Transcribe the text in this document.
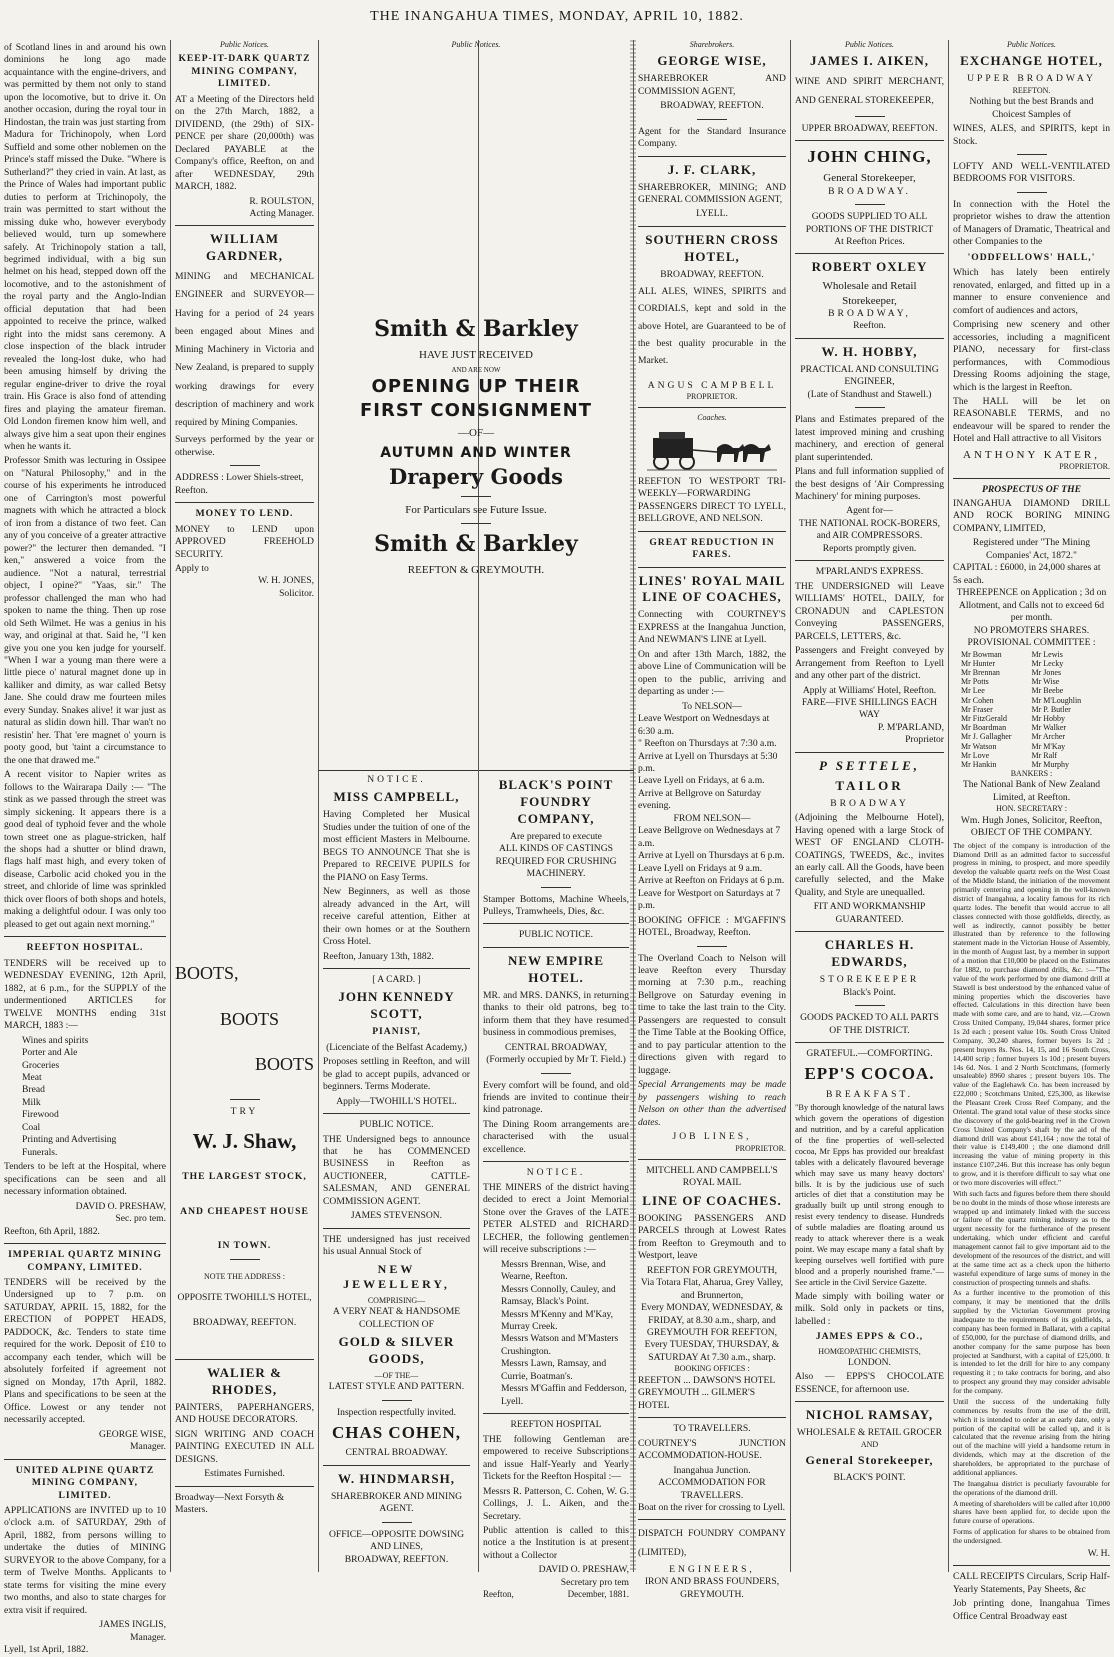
THE INANGAHUA TIMES, MONDAY, APRIL 10, 1882.

of Scotland lines in and around his own dominions he long ago made acquaintance with the engine-drivers, and was permitted by them not only to stand upon the locomotive, but to drive it. On another occasion, during the royal tour in Hindostan, the train was just starting from Madura for Trichinopoly, when Lord Suffield and some other noblemen on the Prince's staff missed the Duke. "Where is Sutherland?" they cried in vain. At last, as the Prince of Wales had important public duties to perform at Trichinopoly, the train was permitted to start without the missing duke who, however everybody believed would, turn up somewhere safely. At Trichinopoly station a tall, begrimed individual, with a big sun helmet on his head, stepped down off the locomotive, and to the astonishment of the royal party and the Anglo-Indian official deputation that had been appointed to receive the prince, walked right into the midst sans ceremony. A close inspection of the black intruder revealed the long-lost duke, who had been amusing himself by driving the regular engine-driver to drive the royal train. His Grace is also fond of attending fires and playing the amateur fireman. Old London firemen know him well, and always give him a seat upon their engines when he wants it.

Professor Smith was lecturing in Ossipee on "Natural Philosophy," and in the course of his experiments he introduced one of Carrington's most powerful magnets with which he attracted a block of iron from a distance of two feet. Can any of you conceive of a greater attractive power?" the lecturer then demanded. "I ken," answered a voice from the audience. "Not a natural, terrestrial object, I opine?" "Yaas, sir." The professor challenged the man who had spoken to name the thing. Then up rose old Seth Wilmet. He was a genius in his way, and original at that. Said he, "I ken give you one you ken judge for yourself. "When I war a young man there were a little piece o' natural magnet done up in kalliker and dimity, as war called Betsy Jane. She could draw me fourteen miles every Sunday. Snakes alive! it war just as natural as slidin down hill. Thar wan't no resistin' her. That 'ere magnet o' yourn is pooty good, but 'taint a circumstance to the one that drawed me."

A recent visitor to Napier writes as follows to the Wairarapa Daily :— "The stink as we passed through the street was simply sickening. It appears there is a good deal of typhoid fever and the whole town street one as plague-stricken, half the shops had a shutter or blind drawn, flags half mast high, and every token of disease, Carbolic acid choked you in the street, and chloride of lime was sprinkled thick over floors of both shops and hotels, making a delightful odour. I was only too pleased to get out again next morning."

REEFTON HOSPITAL.

TENDERS will be received up to WEDNESDAY EVENING, 12th April, 1882, at 6 p.m., for the SUPPLY of the undermentioned ARTICLES for TWELVE MONTHS ending 31st MARCH, 1883 :—

Wines and spirits
Porter and Ale
Groceries
Meat
Bread
Milk
Firewood
Coal
Printing and Advertising
Funerals.

Tenders to be left at the Hospital, where specifications can be seen and all necessary information obtained.

DAVID O. PRESHAW,
Sec. pro tem.
Reefton, 6th April, 1882.
IMPERIAL QUARTZ MINING COMPANY, LIMITED.

TENDERS will be received by the Undersigned up to 7 p.m. on SATURDAY, APRIL 15, 1882, for the ERECTION of POPPET HEADS, PADDOCK, &c. Tenders to state time required for the work. Deposit of £10 to accompany each tender, which will be absolutely forfeited if agreement not signed on Monday, 17th April, 1882. Plans and specifications to be seen at the Office. Lowest or any tender not necessarily accepted.

GEORGE WISE,
Manager.
UNITED ALPINE QUARTZ MINING COMPANY, LIMITED.

APPLICATIONS are INVITED up to 10 o'clock a.m. of SATURDAY, 29th of April, 1882, from persons willing to undertake the duties of MINING SURVEYOR to the above Company, for a term of Twelve Months. Applicants to state terms for visiting the mine every two months, and also to state charges for extra visit if required.

JAMES INGLIS,
Manager.
Lyell, 1st April, 1882.
Public Notices.
KEEP-IT-DARK QUARTZ MINING COMPANY, LIMITED.

AT a Meeting of the Directors held on the 27th March, 1882, a DIVIDEND, (the 29th) of SIX-PENCE per share (20,000th) was Declared PAYABLE at the Company's office, Reefton, on and after WEDNESDAY, 29th MARCH, 1882.

R. ROULSTON,
Acting Manager.
WILLIAM GARDNER,

MINING and MECHANICAL ENGINEER and SURVEYOR—Having for a period of 24 years been engaged about Mines and Mining Machinery in Victoria and New Zealand, is prepared to supply working drawings for every description of machinery and work required by Mining Companies.

Surveys performed by the year or otherwise.

ADDRESS : Lower Shiels-street, Reefton.
MONEY TO LEND.

MONEY to LEND upon APPROVED FREEHOLD SECURITY.

Apply to
W. H. JONES,
Solicitor.
BOOTS,
BOOTS
BOOTS
TRY
W. J. Shaw,
THE LARGEST STOCK,
AND CHEAPEST HOUSE
IN TOWN.
NOTE THE ADDRESS :
OPPOSITE TWOHILL'S HOTEL,
BROADWAY, REEFTON.
WALIER & RHODES,

PAINTERS, PAPERHANGERS, AND HOUSE DECORATORS.

SIGN WRITING AND COACH PAINTING EXECUTED IN ALL DESIGNS.

Estimates Furnished.
Broadway—Next Forsyth & Masters.
Public Notices.
Smith & Barkley
HAVE JUST RECEIVED
AND ARE NOW
OPENING UP THEIR
FIRST CONSIGNMENT
—OF—
AUTUMN AND WINTER
Drapery Goods
For Particulars see Future Issue.
Smith & Barkley
REEFTON & GREYMOUTH.
NOTICE.
MISS CAMPBELL,

Having Completed her Musical Studies under the tuition of one of the most efficient Masters in Melbourne. BEGS TO ANNOUNCE That she is Prepared to RECEIVE PUPILS for the PIANO on Easy Terms.

New Beginners, as well as those already advanced in the Art, will receive careful attention, Either at their own homes or at the Southern Cross Hotel.

Reefton, January 13th, 1882.
[ A CARD. ]
JOHN KENNEDY SCOTT,
PIANIST,
(Licenciate of the Belfast Academy,)

Proposes settling in Reefton, and will be glad to accept pupils, advanced or beginners. Terms Moderate.

Apply—TWOHILL'S HOTEL.
PUBLIC NOTICE.

THE Undersigned begs to announce that he has COMMENCED BUSINESS in Reefton as AUCTIONEER, CATTLE-SALESMAN, AND GENERAL COMMISSION AGENT.

JAMES STEVENSON.

THE undersigned has just received his usual Annual Stock of

NEW JEWELLERY,
COMPRISING—
A VERY NEAT & HANDSOME COLLECTION OF
GOLD & SILVER GOODS,
—OF THE—
LATEST STYLE AND PATTERN.
Inspection respectfully invited.
CHAS COHEN,
CENTRAL BROADWAY.
W. HINDMARSH,
SHAREBROKER AND MINING AGENT.
OFFICE—OPPOSITE DOWSING AND LINES,
BROADWAY, REEFTON.
BLACK'S POINT FOUNDRY COMPANY,
Are prepared to execute
ALL KINDS OF CASTINGS REQUIRED FOR CRUSHING MACHINERY.

Stamper Bottoms, Machine Wheels, Pulleys, Tramwheels, Dies, &c.

PUBLIC NOTICE.
NEW EMPIRE HOTEL.

MR. and MRS. DANKS, in returning thanks to their old patrons, beg to inform them that they have resumed business in commodious premises,

CENTRAL BROADWAY,
(Formerly occupied by Mr T. Field.)

Every comfort will be found, and old friends are invited to continue their kind patronage.

The Dining Room arrangements are characterised with the usual excellence.

NOTICE.

THE MINERS of the district having decided to erect a Joint Memorial Stone over the Graves of the LATE PETER ALSTED and RICHARD LECHER, the following gentlemen will receive subscriptions :—

Messrs Brennan, Wise, and Wearne, Reefton.
Messrs Connolly, Cauley, and Ramsay, Black's Point.
Messrs M'Kenny and M'Kay, Murray Creek.
Messrs Watson and M'Masters Crushington.
Messrs Lawn, Ramsay, and Currie, Boatman's.
Messrs M'Gaffin and Fedderson, Lyell.
REEFTON HOSPITAL

THE following Gentleman are empowered to receive Subscriptions and issue Half-Yearly and Yearly Tickets for the Reefton Hospital :—

Messrs R. Patterson, C. Cohen, W. G. Collings, J. L. Aiken, and the Secretary.

Public attention is called to this notice a the Institution is at present without a Collector

DAVID O. PRESHAW,
Secretary pro tem
Reefton,	December, 1881.
Sharebrokers.
GEORGE WISE,

SHAREBROKER AND COMMISSION AGENT,

BROADWAY, REEFTON.

Agent for the Standard Insurance Company.

J. F. CLARK,

SHAREBROKER, MINING; AND GENERAL COMMISSION AGENT,

LYELL.
SOUTHERN CROSS HOTEL,
BROADWAY, REEFTON.

ALL ALES, WINES, SPIRITS and CORDIALS, kept and sold in the above Hotel, are Guaranteed to be of the best quality procurable in the Market.

ANGUS CAMPBELL
PROPRIETOR.
Coaches.

REEFTON TO WESTPORT TRI-WEEKLY—FORWARDING PASSENGERS DIRECT TO LYELL, BELLGROVE, AND NELSON.

GREAT REDUCTION IN FARES.
LINES' ROYAL MAIL LINE OF COACHES,

Connecting with COURTNEY'S EXPRESS at the Inangahua Junction, And NEWMAN'S LINE at Lyell.

On and after 13th March, 1882, the above Line of Communication will be open to the public, arriving and departing as under :—

To NELSON—
Leave Westport on Wednesdays at 6:30 a.m.
" Reefton on Thursdays at 7:30 a.m.
Arrive at Lyell on Thursdays at 5:30 p.m.
Leave Lyell on Fridays, at 6 a.m.
Arrive at Bellgrove on Saturday evening.
FROM NELSON—
Leave Bellgrove on Wednesdays at 7 a.m.
Arrive at Lyell on Thursdays at 6 p.m.
Leave Lyell on Fridays at 9 a.m.
Arrive at Reefton on Fridays at 6 p.m.
Leave for Westport on Saturdays at 7 p.m.

BOOKING OFFICE : M'GAFFIN'S HOTEL, Broadway, Reefton.

The Overland Coach to Nelson will leave Reefton every Thursday morning at 7:30 p.m., reaching Bellgrove on Saturday evening in time to take the last train to the City. Passengers are requested to consult the Time Table at the Booking Office, and to pay particular attention to the directions given with regard to luggage.

Special Arrangements may be made by passengers wishing to reach Nelson on other than the advertised dates.

JOB LINES,
PROPRIETOR.
MITCHELL AND CAMPBELL'S
ROYAL MAIL
LINE OF COACHES.

BOOKING PASSENGERS AND PARCELS through at Lowest Rates from Reefton to Greymouth and to Westport, leave

REEFTON FOR GREYMOUTH,
Via Totara Flat, Aharua, Grey Valley, and Brunnerton,
Every MONDAY, WEDNESDAY, & FRIDAY, at 8.30 a.m., sharp, and
GREYMOUTH FOR REEFTON,
Every TUESDAY, THURSDAY, & SATURDAY At 7.30 a.m., sharp.
BOOKING OFFICES :
REEFTON ... DAWSON'S HOTEL
GREYMOUTH ... GILMER'S HOTEL
TO TRAVELLERS.

COURTNEY'S JUNCTION ACCOMMODATION-HOUSE.

Inangahua Junction.
ACCOMMODATION FOR TRAVELLERS.
Boat on the river for crossing to Lyell.

DISPATCH FOUNDRY COMPANY (LIMITED),

ENGINEERS,
IRON AND BRASS FOUNDERS,
GREYMOUTH.
Public Notices.
JAMES I. AIKEN,

WINE AND SPIRIT MERCHANT, AND GENERAL STOREKEEPER,

UPPER BROADWAY, REEFTON.
JOHN CHING,
General Storekeeper,
BROADWAY.
GOODS SUPPLIED TO ALL PORTIONS OF THE DISTRICT
At Reefton Prices.
ROBERT OXLEY
Wholesale and Retail Storekeeper,
BROADWAY,
Reefton.
W. H. HOBBY,
PRACTICAL AND CONSULTING ENGINEER,
(Late of Standhust and Stawell.)

Plans and Estimates prepared of the latest improved mining and crushing machinery, and erection of general plant superintended.

Plans and full information supplied of the best designs of 'Air Compressing Machinery' for mining purposes.

Agent for—
THE NATIONAL ROCK-BORERS, and AIR COMPRESSORS.
Reports promptly given.
M'PARLAND'S EXPRESS.

THE UNDERSIGNED will Leave WILLIAMS' HOTEL, DAILY, for CRONADUN and CAPLESTON Conveying PASSENGERS, PARCELS, LETTERS, &c.

Passengers and Freight conveyed by Arrangement from Reefton to Lyell and any other part of the district.

Apply at Williams' Hotel, Reefton.
FARE—FIVE SHILLINGS EACH WAY
P. M'PARLAND,
Proprietor
P SETTELE,
TAILOR
BROADWAY

(Adjoining the Melbourne Hotel), Having opened with a large Stock of WEST OF ENGLAND CLOTH-COATINGS, TWEEDS, &c., invites an early call. All the Goods, have been carefully selected, and the Make Quality, and Style are unequalled.

FIT AND WORKMANSHIP GUARANTEED.
CHARLES H. EDWARDS,
STOREKEEPER
Black's Point.
GOODS PACKED TO ALL PARTS OF THE DISTRICT.
GRATEFUL.—COMFORTING.
EPP'S COCOA.
BREAKFAST.

"By thorough knowledge of the natural laws which govern the operations of digestion and nutrition, and by a careful application of the fine properties of well-selected cocoa, Mr Epps has provided our breakfast tables with a delicately flavoured beverage which may save us many heavy doctors' bills. It is by the judicious use of such articles of diet that a constitution may be gradually built up until strong enough to resist every tendency to disease. Hundreds of subtle maladies are floating around us ready to attack wherever there is a weak point. We may escape many a fatal shaft by keeping ourselves well fortified with pure blood and a properly nourished frame."—See article in the Civil Service Gazette.

Made simply with boiling water or milk. Sold only in packets or tins, labelled :

JAMES EPPS & CO.,
HOMŒOPATHIC CHEMISTS,
LONDON.

Also — EPPS'S CHOCOLATE ESSENCE, for afternoon use.

NICHOL RAMSAY,
WHOLESALE & RETAIL GROCER
AND
General Storekeeper,
BLACK'S POINT.
Public Notices.
EXCHANGE HOTEL,
UPPER BROADWAY
REEFTON.
Nothing but the best Brands and Choicest Samples of

WINES, ALES, and SPIRITS, kept in Stock.

LOFTY AND WELL-VENTILATED BEDROOMS FOR VISITORS.

In connection with the Hotel the proprietor wishes to draw the attention of Managers of Dramatic, Theatrical and other Companies to the

'ODDFELLOWS' HALL,'

Which has lately been entirely renovated, enlarged, and fitted up in a manner to ensure convenience and comfort of audiences and actors,

Comprising new scenery and other accessories, including a magnificent PIANO, necessary for first-class performances, with Commodious Dressing Rooms adjoining the stage, which is the largest in Reefton.

The HALL will be let on REASONABLE TERMS, and no endeavour will be spared to render the Hotel and Hall attractive to all Visitors

ANTHONY KATER,
PROPRIETOR.
PROSPECTUS OF THE

INANGAHUA DIAMOND DRILL AND ROCK BORING MINING COMPANY, LIMITED,

Registered under "The Mining Companies' Act, 1872."
CAPITAL : £6000, in 24,000 shares at 5s each.
THREEPENCE on Application ; 3d on Allotment, and Calls not to exceed 6d per month.
NO PROMOTERS SHARES.
PROVISIONAL COMMITTEE :
Mr Bowman
Mr Hunter
Mr Brennan
Mr Potts
Mr Lee
Mr Cohen
Mr Fraser
Mr FitzGerald
Mr Boardman
Mr J. Gallagher
Mr Watson
Mr Love
Mr Hankin
Mr Lewis
Mr Lecky
Mr Jones
Mr Wise
Mr Beebe
Mr M'Loughlin
Mr P. Butler
Mr Hobby
Mr Walker
Mr Archer
Mr M'Kay
Mr Ralf
Mr Murphy
BANKERS :
The National Bank of New Zealand Limited, at Reefton.
HON. SECRETARY :
Wm. Hugh Jones, Solicitor, Reefton,
OBJECT OF THE COMPANY.

The object of the company is introduction of the Diamond Drill as an admitted factor to successful progress in mining, to prospect, and more speedily develop the valuable quartz reefs on the West Coast of the Middle Island, the initiation of the movement primarily centering and opening in the well-known district of Inangahua, a locality famous for its rich quartz lodes. The benefit that would accrue to all classes connected with those goldfields, directly, as well as indirectly, cannot possibly be better illustrated than by reference to the following statement made in the Victorian House of Assembly, in the month of August last, by a member in support of a motion that £10,000 be placed on the Estimates for 1882, to purchase diamond drills, &c. :—"The value of the work performed by one diamond drill at Stawell is best understood by the enhanced value of mining properties which the discoveries have effected. Calculations in this direction have been made with some care, and are to hand, viz.—Crown Cross United Company, 19,044 shares, former price 1s 2d each ; present value 10s. South Cross United Company, 30,240 shares, former buyers 1s 2d ; present buyers 8s. Nos. 14, 15, and 16 South Cross, 14,400 scrip ; former buyers 1s 10d ; present buyers 14s 6d. Nos. 1 and 2 North Scotchmans, (formerly unsaleable) 8960 shares ; present buyers 10s. The value of the Eaglehawk Co. has been increased by £22,000 ; Scotchmans United, £25,300, as likewise the Pleasant Creek Cross Reef Company, and the Oriental. The grand total value of these stocks since the discovery of the gold-bearing reef in the Crown Cross United Company's shaft by the aid of the diamond drill was about £41,164 ; now the total of their value is £149,400 ; the one diamond drill increasing the value of mining property in this instance £107,246. But this increase has only begun to grow, and it is therefore difficult to say what one or two more discoveries will effect."

With such facts and figures before them there should be no doubt in the minds of those whose interests are wrapped up and intimately linked with the success or failure of the quartz mining industry as to the urgent necessity for the furtherance of the present undertaking, which under efficient and careful management cannot fail to give important aid to the development of the resources of the district, and will at the same time act as a check upon the hitherto wasteful expenditure of large sums of money in the construction of prospecting tunnels and shafts.

As a further incentive to the promotion of this company, it may be mentioned that the drills supplied by the Victorian Government proving inadequate to the requirements of its goldfields, a company has been formed in Ballarat, with a capital of £50,000, for the purchase of diamond drills, and another company for the same purpose has been projected at Sandhurst, with a capital of £25,000. It is intended to let the drill for hire to any company requesting it ; to take contracts for boring, and also to prospect any ground they may consider advisable for the company.

Until the success of the undertaking fully commences by results from the use of the drill, which it is intended to order at an early date, only a portion of the capital will be called up, and it is calculated that the revenue arising from the hiring out of the machine will yield a handsome return in dividends, which may at the discretion of the shareholders, be appropriated to the purchase of additional appliances.

The Inangahua district is peculiarly favourable for the operations of the diamond drill.

A meeting of shareholders will be called after 10,000 shares have been applied for, to decide upon the future course of operations.

Forms of application for shares to be obtained from the undersigned.

W. H.

CALL RECEIPTS Circulars, Scrip Half-Yearly Statements, Pay Sheets, &c

Job printing done, Inangahua Times Office Central Broadway east
